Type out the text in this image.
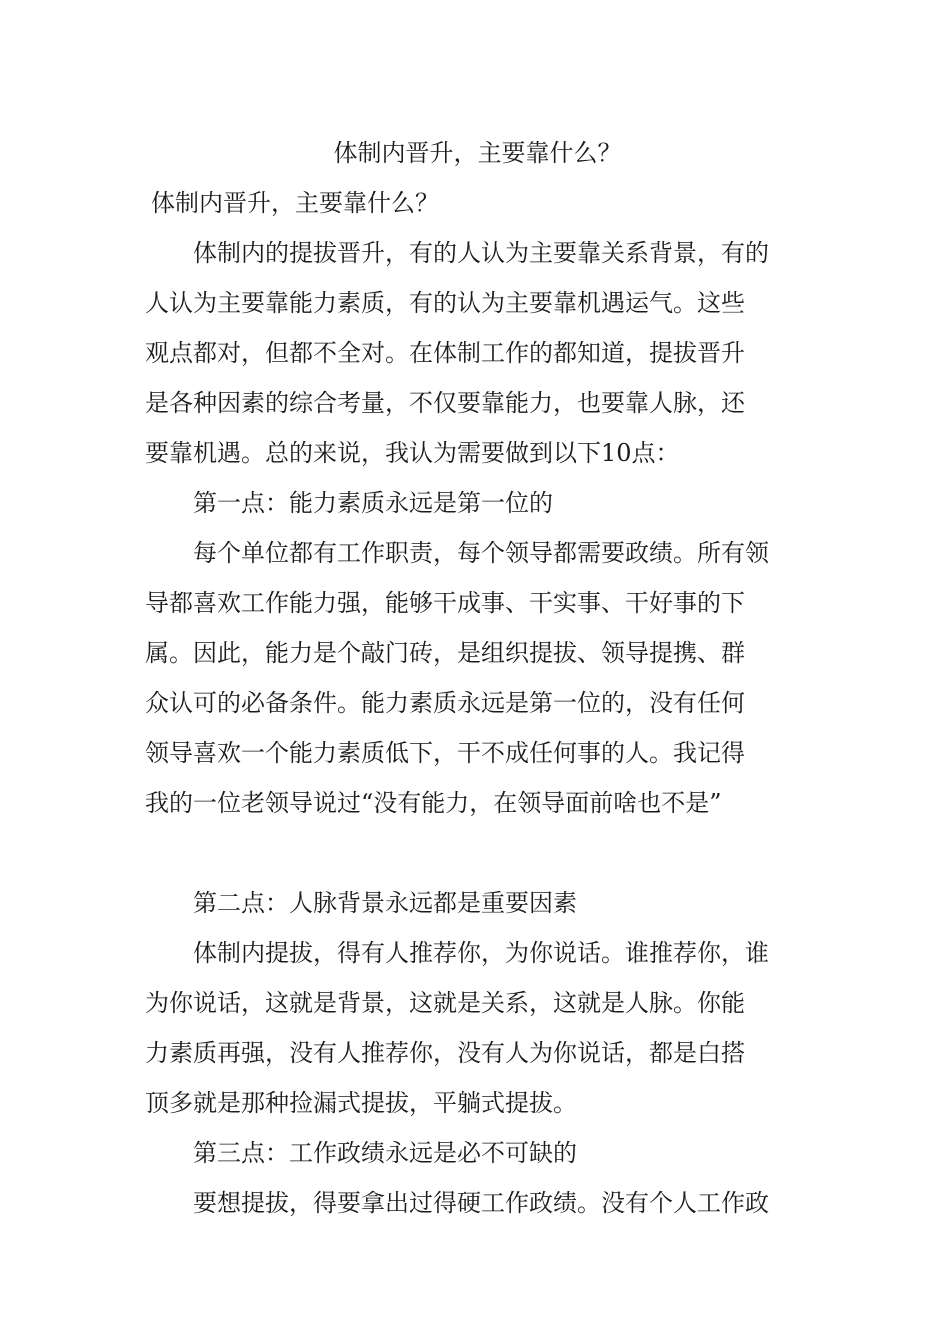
体制内晋升，主要靠什么？
体制内晋升，主要靠什么？
体制内的提拔晋升，有的人认为主要靠关系背景，有的
人认为主要靠能力素质，有的认为主要靠机遇运气。这些
观点都对，但都不全对。在体制工作的都知道，提拔晋升
是各种因素的综合考量，不仅要靠能力，也要靠人脉，还
要靠机遇。总的来说，我认为需要做到以下10点：
第一点：能力素质永远是第一位的
每个单位都有工作职责，每个领导都需要政绩。所有领
导都喜欢工作能力强，能够干成事、干实事、干好事的下
属。因此，能力是个敲门砖，是组织提拔、领导提携、群
众认可的必备条件。能力素质永远是第一位的，没有任何
领导喜欢一个能力素质低下，干不成任何事的人。我记得
我的一位老领导说过“没有能力，在领导面前啥也不是”
第二点：人脉背景永远都是重要因素
体制内提拔，得有人推荐你，为你说话。谁推荐你，谁
为你说话，这就是背景，这就是关系，这就是人脉。你能
力素质再强，没有人推荐你，没有人为你说话，都是白搭
顶多就是那种捡漏式提拔，平躺式提拔。
第三点：工作政绩永远是必不可缺的
要想提拔，得要拿出过得硬工作政绩。没有个人工作政
